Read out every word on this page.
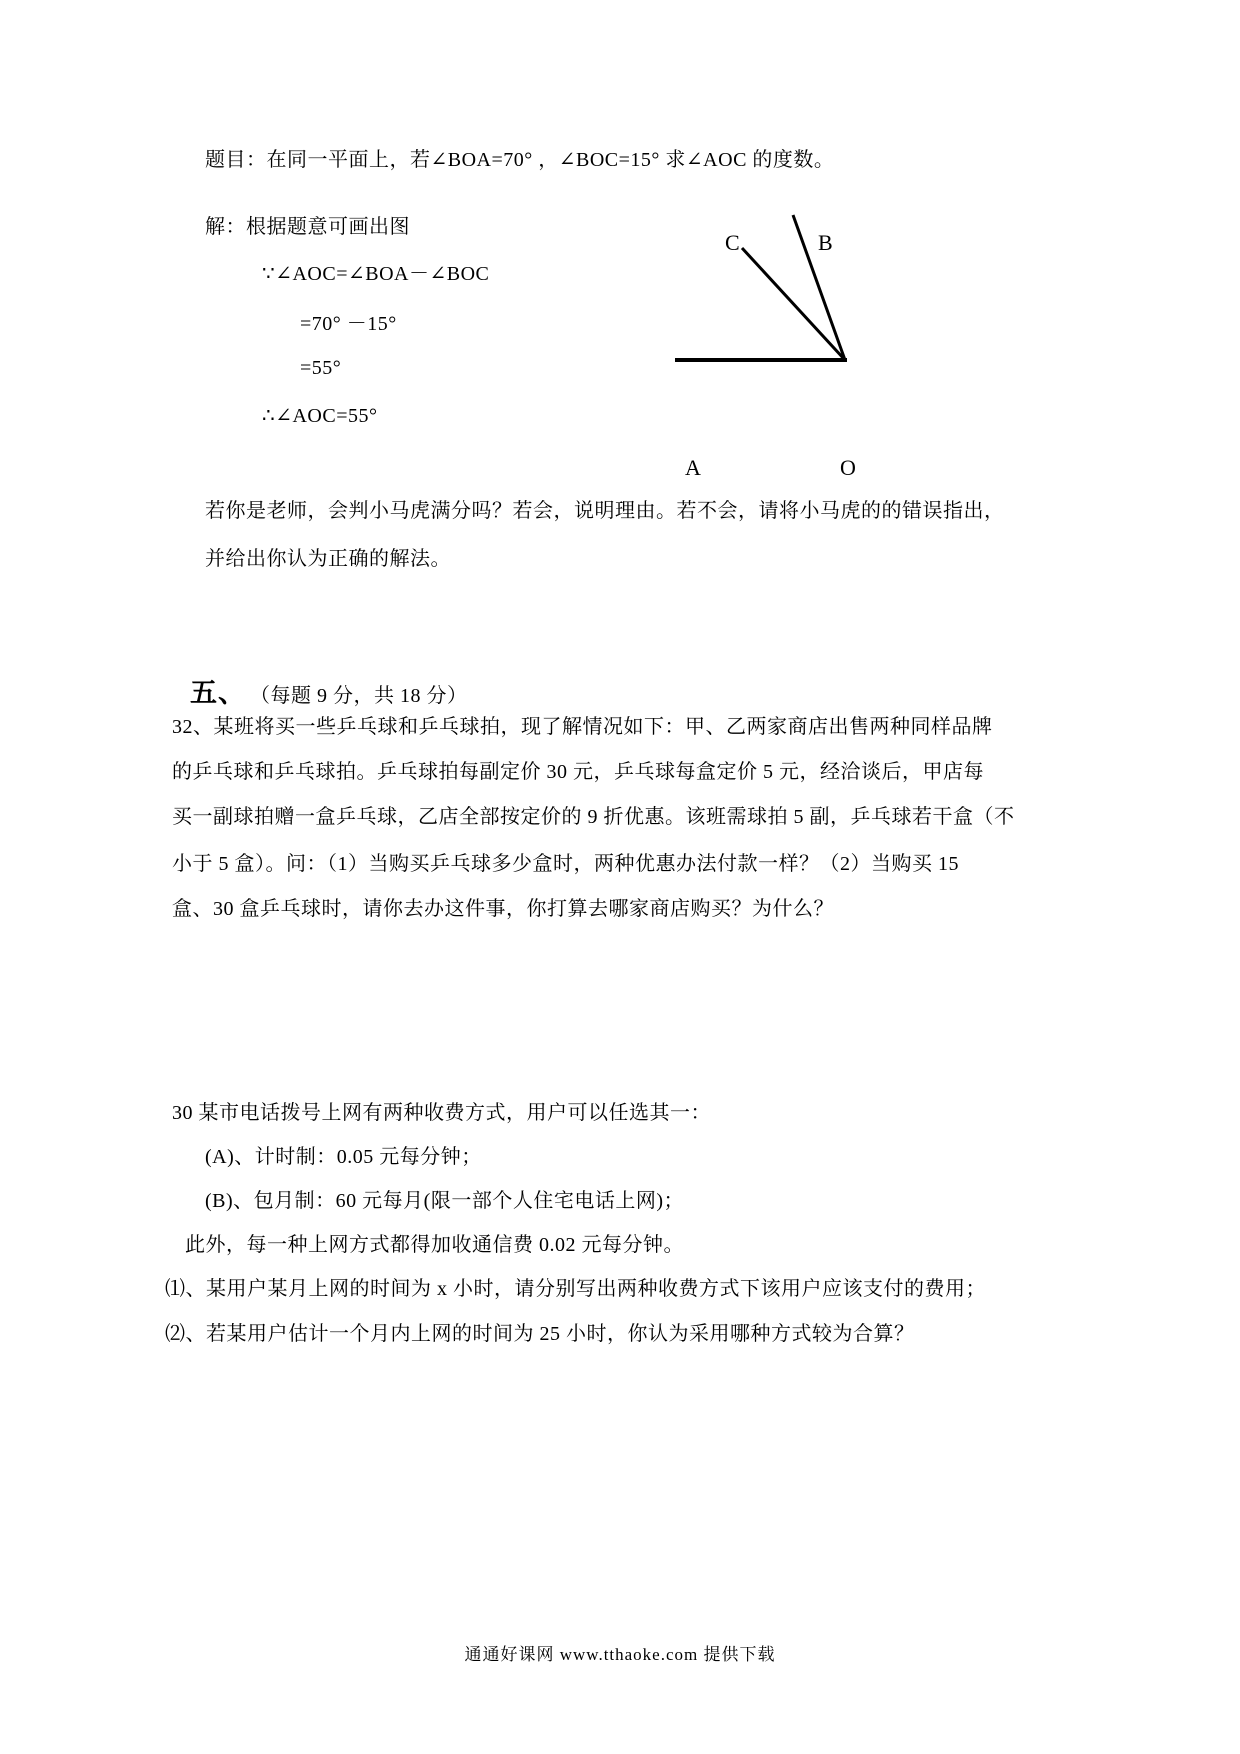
题目：在同一平面上，若∠BOA=70° ，∠BOC=15° 求∠AOC 的度数。
解：根据题意可画出图
∵∠AOC=∠BOA－∠BOC
=70° －15°
=55°
∴∠AOC=55°
C	B
A	O
若你是老师，会判小马虎满分吗？若会，说明理由。若不会，请将小马虎的的错误指出，
并给出你认为正确的解法。

五、 （每题 9 分，共 18 分）

32、某班将买一些乒乓球和乒乓球拍，现了解情况如下：甲、乙两家商店出售两种同样品牌
的乒乓球和乒乓球拍。乒乓球拍每副定价 30 元，乒乓球每盒定价 5 元，经洽谈后，甲店每
买一副球拍赠一盒乒乓球，乙店全部按定价的 9 折优惠。该班需球拍 5 副，乒乓球若干盒（不
小于 5 盒）。问：（1）当购买乒乓球多少盒时，两种优惠办法付款一样？（2）当购买 15
盒、30 盒乒乓球时，请你去办这件事，你打算去哪家商店购买？为什么？
30 某市电话拨号上网有两种收费方式，用户可以任选其一：
(A)、计时制：0.05 元每分钟；
(B)、包月制：60 元每月(限一部个人住宅电话上网)；
此外，每一种上网方式都得加收通信费 0.02 元每分钟。
⑴、某用户某月上网的时间为 x 小时，请分别写出两种收费方式下该用户应该支付的费用；
⑵、若某用户估计一个月内上网的时间为 25 小时，你认为采用哪种方式较为合算？
通通好课网 www.tthaoke.com 提供下载
